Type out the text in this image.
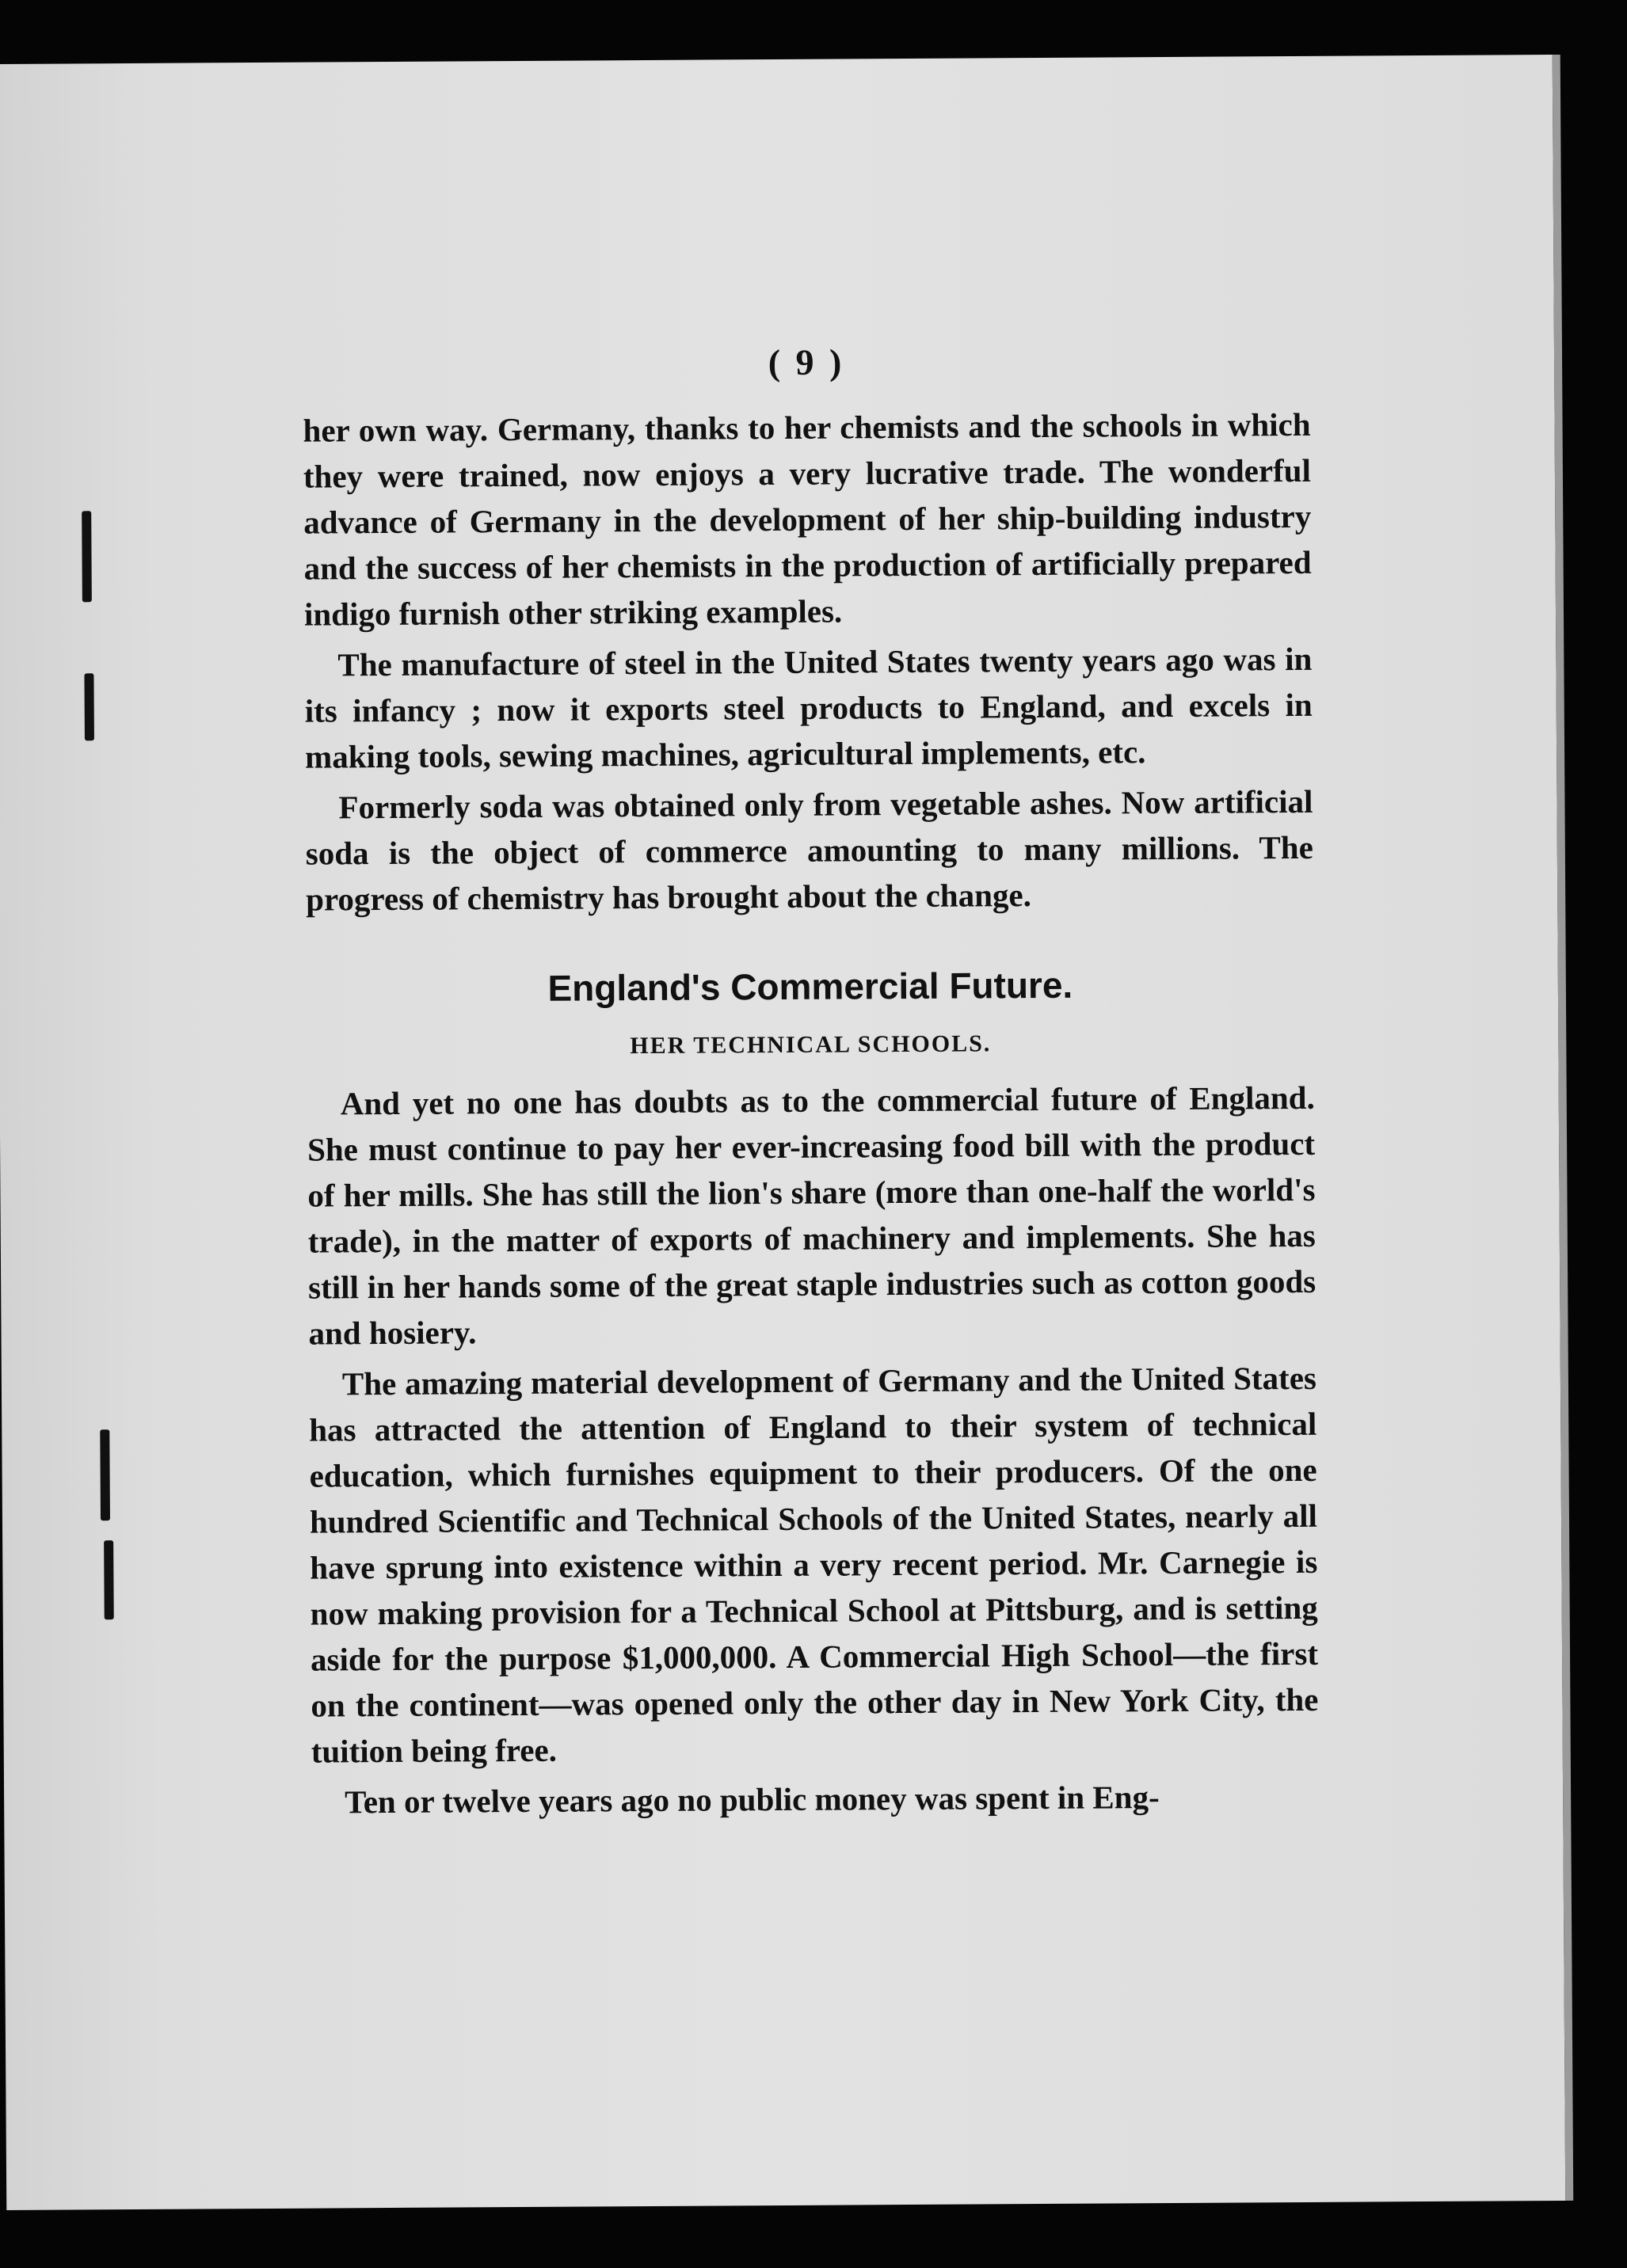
( 9 )

her own way. Germany, thanks to her chemists and the schools in which they were trained, now enjoys a very lucrative trade. The wonderful advance of Germany in the development of her ship-building industry and the success of her chemists in the production of artificially prepared indigo furnish other striking examples.

The manufacture of steel in the United States twenty years ago was in its infancy ; now it exports steel products to England, and excels in making tools, sewing machines, agricultural implements, etc.

Formerly soda was obtained only from vegetable ashes. Now artificial soda is the object of commerce amounting to many millions. The progress of chemistry has brought about the change.

England's Commercial Future.
HER TECHNICAL SCHOOLS.

And yet no one has doubts as to the commercial future of England. She must continue to pay her ever-increasing food bill with the product of her mills. She has still the lion's share (more than one-half the world's trade), in the matter of exports of machinery and implements. She has still in her hands some of the great staple industries such as cotton goods and hosiery.

The amazing material development of Germany and the United States has attracted the attention of England to their system of technical education, which furnishes equipment to their producers. Of the one hundred Scientific and Technical Schools of the United States, nearly all have sprung into existence within a very recent period. Mr. Carnegie is now making provision for a Technical School at Pittsburg, and is setting aside for the purpose $1,000,000. A Commercial High School—the first on the continent—was opened only the other day in New York City, the tuition being free.

Ten or twelve years ago no public money was spent in Eng-
